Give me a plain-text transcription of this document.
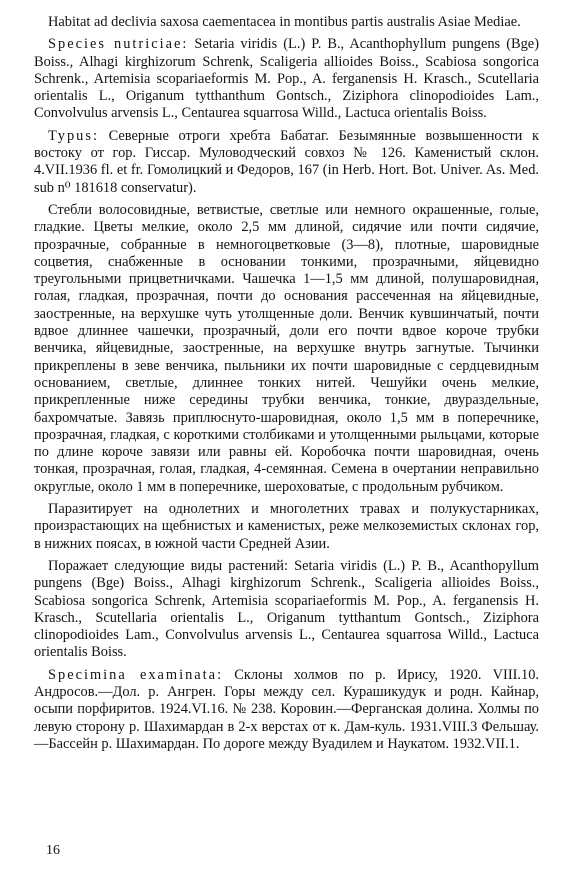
Habitat ad declivia saxosa caementacea in montibus partis australis Asiae Mediae.

Species nutriciae: Setaria viridis (L.) P. B., Acanthophyllum pungens (Bge) Boiss., Alhagi kirghizorum Schrenk, Scaligeria allioides Boiss., Scabiosa songorica Schrenk., Artemisia scopariaeformis M. Pop., A. ferganensis H. Krasch., Scutellaria orientalis L., Origanum tytthanthum Gontsch., Ziziphora clinopodioides Lam., Convolvulus arvensis L., Centaurea squarrosa Willd., Lactuca orientalis Boiss.

Typus: Северные отроги хребта Бабатаг. Безымянные возвышенности к востоку от гор. Гиссар. Муловодческий совхоз № 126. Каменистый склон. 4.VII.1936 fl. et fr. Гомолицкий и Федоров, 167 (in Herb. Hort. Bot. Univer. As. Med. sub n⁰ 181618 conservatur).

Стебли волосовидные, ветвистые, светлые или немного окрашенные, голые, гладкие. Цветы мелкие, около 2,5 мм длиной, сидячие или почти сидячие, прозрачные, собранные в немногоцветковые (3—8), плотные, шаровидные соцветия, снабженные в основании тонкими, прозрачными, яйцевидно треугольными прицветничками. Чашечка 1—1,5 мм длиной, полушаровидная, голая, гладкая, прозрачная, почти до основания рассеченная на яйцевидные, заостренные, на верхушке чуть утолщенные доли. Венчик кувшинчатый, почти вдвое длиннее чашечки, прозрачный, доли его почти вдвое короче трубки венчика, яйцевидные, заостренные, на верхушке внутрь загнутые. Тычинки прикреплены в зеве венчика, пыльники их почти шаровидные с сердцевидным основанием, светлые, длиннее тонких нитей. Чешуйки очень мелкие, прикрепленные ниже середины трубки венчика, тонкие, двураздельные, бахромчатые. Завязь приплюснуто-шаровидная, около 1,5 мм в поперечнике, прозрачная, гладкая, с короткими столбиками и утолщенными рыльцами, которые по длине короче завязи или равны ей. Коробочка почти шаровидная, очень тонкая, прозрачная, голая, гладкая, 4-семянная. Семена в очертании неправильно округлые, около 1 мм в поперечнике, шероховатые, с продольным рубчиком.

Паразитирует на однолетних и многолетних травах и полукустарниках, произрастающих на щебнистых и каменистых, реже мелкоземистых склонах гор, в нижних поясах, в южной части Средней Азии.

Поражает следующие виды растений: Setaria viridis (L.) P. B., Acanthopyllum pungens (Bge) Boiss., Alhagi kirghizorum Schrenk., Scaligeria allioides Boiss., Scabiosa songorica Schrenk, Artemisia scopariaeformis M. Pop., A. ferganensis H. Krasch., Scutellaria orientalis L., Origanum tytthantum Gontsch., Ziziphora clinopodioides Lam., Convolvulus arvensis L., Centaurea squarrosa Willd., Lactuca orientalis Boiss.

Specimina examinata: Склоны холмов по р. Ирису, 1920. VIII.10. Андросов.—Дол. р. Ангрен. Горы между сел. Курашикудук и родн. Кайнар, осыпи порфиритов. 1924.VI.16. № 238. Коровин.—Ферганская долина. Холмы по левую сторону р. Шахимардан в 2-х верстах от к. Дам-куль. 1931.VIII.3 Фельшау.—Бассейн р. Шахимардан. По дороге между Вуадилем и Наукатом. 1932.VII.1.

16
